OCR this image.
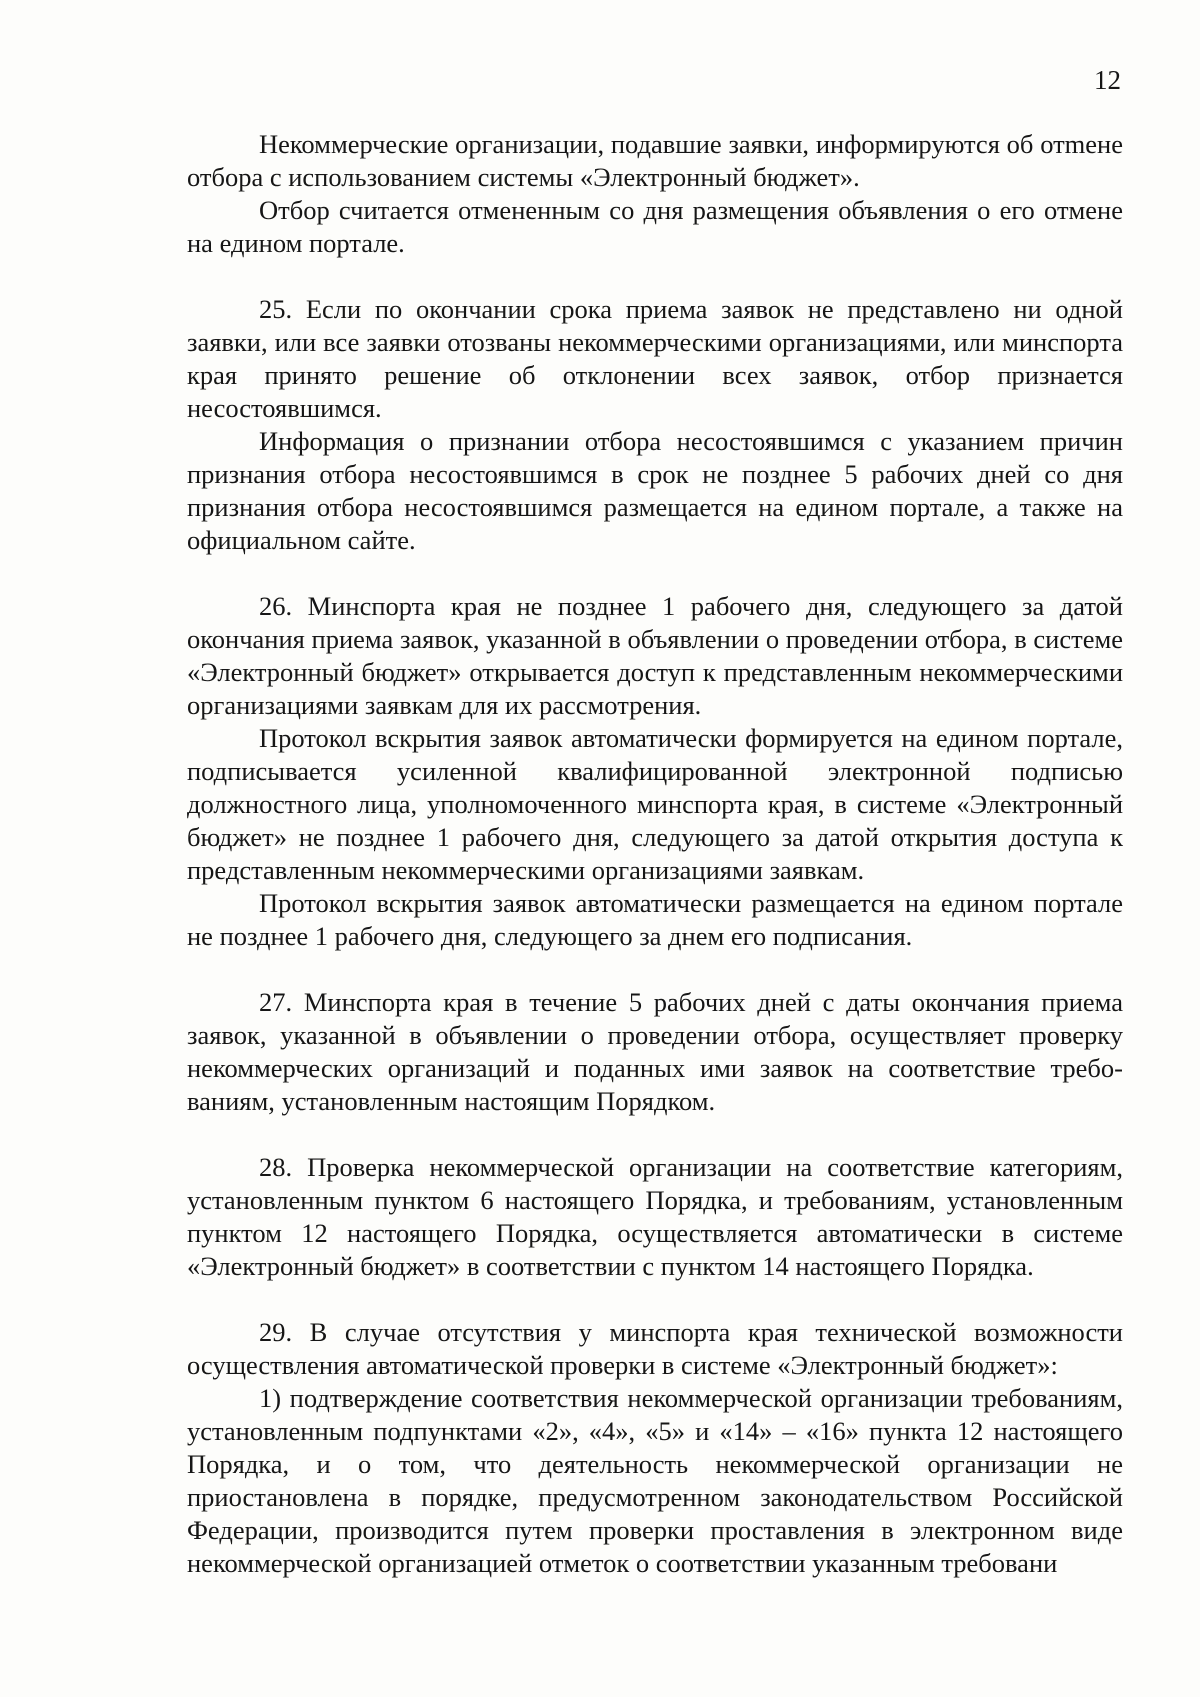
12

Некоммерческие организации, подавшие заявки, информируются об отmене отбора с использованием системы «Электронный бюджет».

Отбор считается отмененным со дня размещения объявления о его отмене на едином портале.

25. Если по окончании срока приема заявок не представлено ни одной заявки, или все заявки отозваны некоммерческими организациями, или минспорта края принято решение об отклонении всех заявок, отбор признается несостоявшимся.

Информация о признании отбора несостоявшимся с указанием причин признания отбора несостоявшимся в срок не позднее 5 рабочих дней со дня признания отбора несостоявшимся размещается на едином портале, а также на официальном сайте.

26. Минспорта края не позднее 1 рабочего дня, следующего за датой окончания приема заявок, указанной в объявлении о проведении отбора, в системе «Электронный бюджет» открывается доступ к представленным некоммерческими организациями заявкам для их рассмотрения.

Протокол вскрытия заявок автоматически формируется на едином портале, подписывается усиленной квалифицированной электронной подписью должностного лица, уполномоченного минспорта края, в системе «Электронный бюджет» не позднее 1 рабочего дня, следующего за датой открытия доступа к представленным некоммерческими организациями заявкам.

Протокол вскрытия заявок автоматически размещается на едином портале не позднее 1 рабочего дня, следующего за днем его подписания.

27. Минспорта края в течение 5 рабочих дней с даты окончания приема заявок, указанной в объявлении о проведении отбора, осуществляет проверку некоммерческих организаций и поданных ими заявок на соответствие требованиям, установленным настоящим Порядком.

28. Проверка некоммерческой организации на соответствие категориям, установленным пунктом 6 настоящего Порядка, и требованиям, установленным пунктом 12 настоящего Порядка, осуществляется автоматически в системе «Электронный бюджет» в соответствии с пунктом 14 настоящего Порядка.

29. В случае отсутствия у минспорта края технической возможности осуществления автоматической проверки в системе «Электронный бюджет»:

1) подтверждение соответствия некоммерческой организации требованиям, установленным подпунктами «2», «4», «5» и «14» – «16» пункта 12 настоящего Порядка, и о том, что деятельность некоммерческой организации не приостановлена в порядке, предусмотренном законодательством Российской Федерации, производится путем проверки проставления в электронном виде некоммерческой организацией отметок о соответствии указанным требовани
